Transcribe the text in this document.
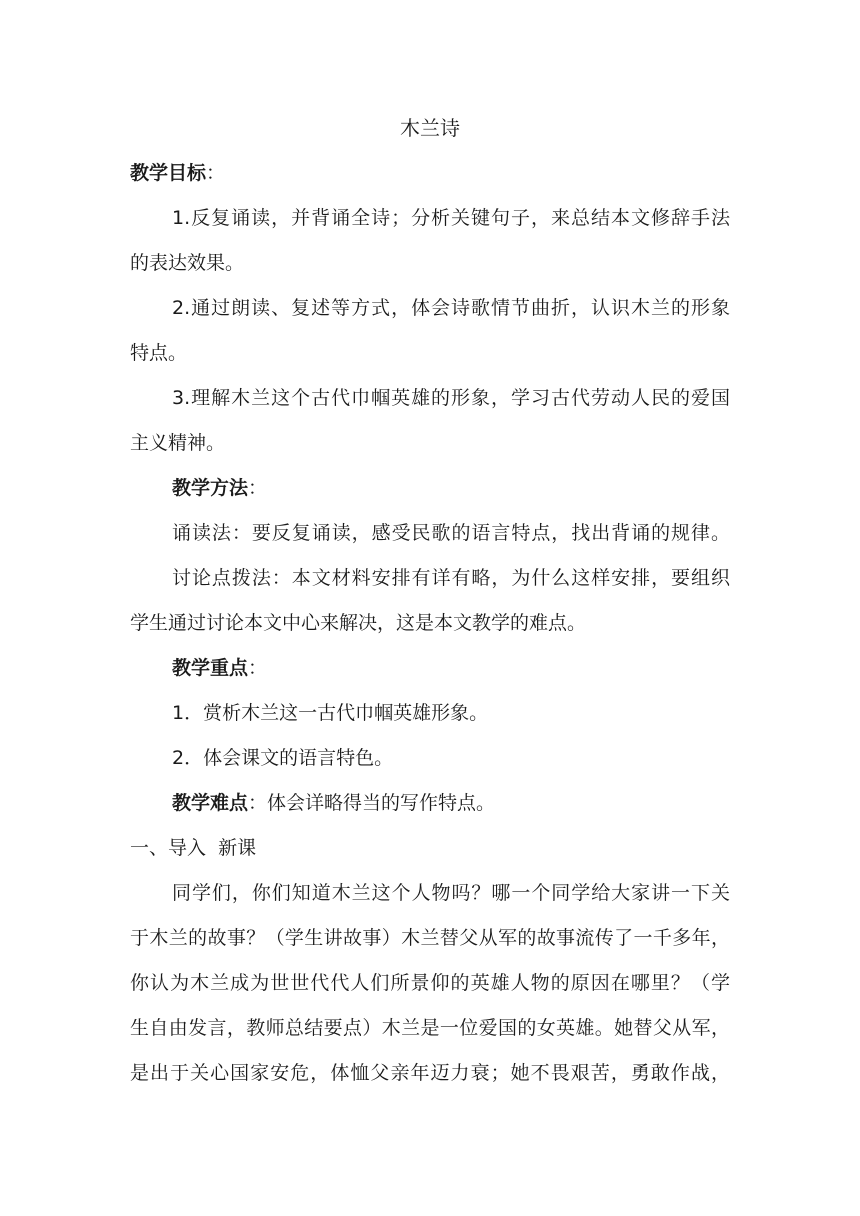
木兰诗
教学目标：
1.反复诵读，并背诵全诗；分析关键句子，来总结本文修辞手法
的表达效果。
2.通过朗读、复述等方式，体会诗歌情节曲折，认识木兰的形象
特点。
3.理解木兰这个古代巾帼英雄的形象，学习古代劳动人民的爱国
主义精神。
教学方法：
诵读法：要反复诵读，感受民歌的语言特点，找出背诵的规律。
讨论点拨法：本文材料安排有详有略，为什么这样安排，要组织
学生通过讨论本文中心来解决，这是本文教学的难点。
教学重点：
1．赏析木兰这一古代巾帼英雄形象。
2．体会课文的语言特色。
教学难点：体会详略得当的写作特点。
一、导入  新课
同学们，你们知道木兰这个人物吗？哪一个同学给大家讲一下关
于木兰的故事？（学生讲故事）木兰替父从军的故事流传了一千多年，
你认为木兰成为世世代代人们所景仰的英雄人物的原因在哪里？（学
生自由发言，教师总结要点）木兰是一位爱国的女英雄。她替父从军，
是出于关心国家安危，体恤父亲年迈力衰；她不畏艰苦，勇敢作战，
